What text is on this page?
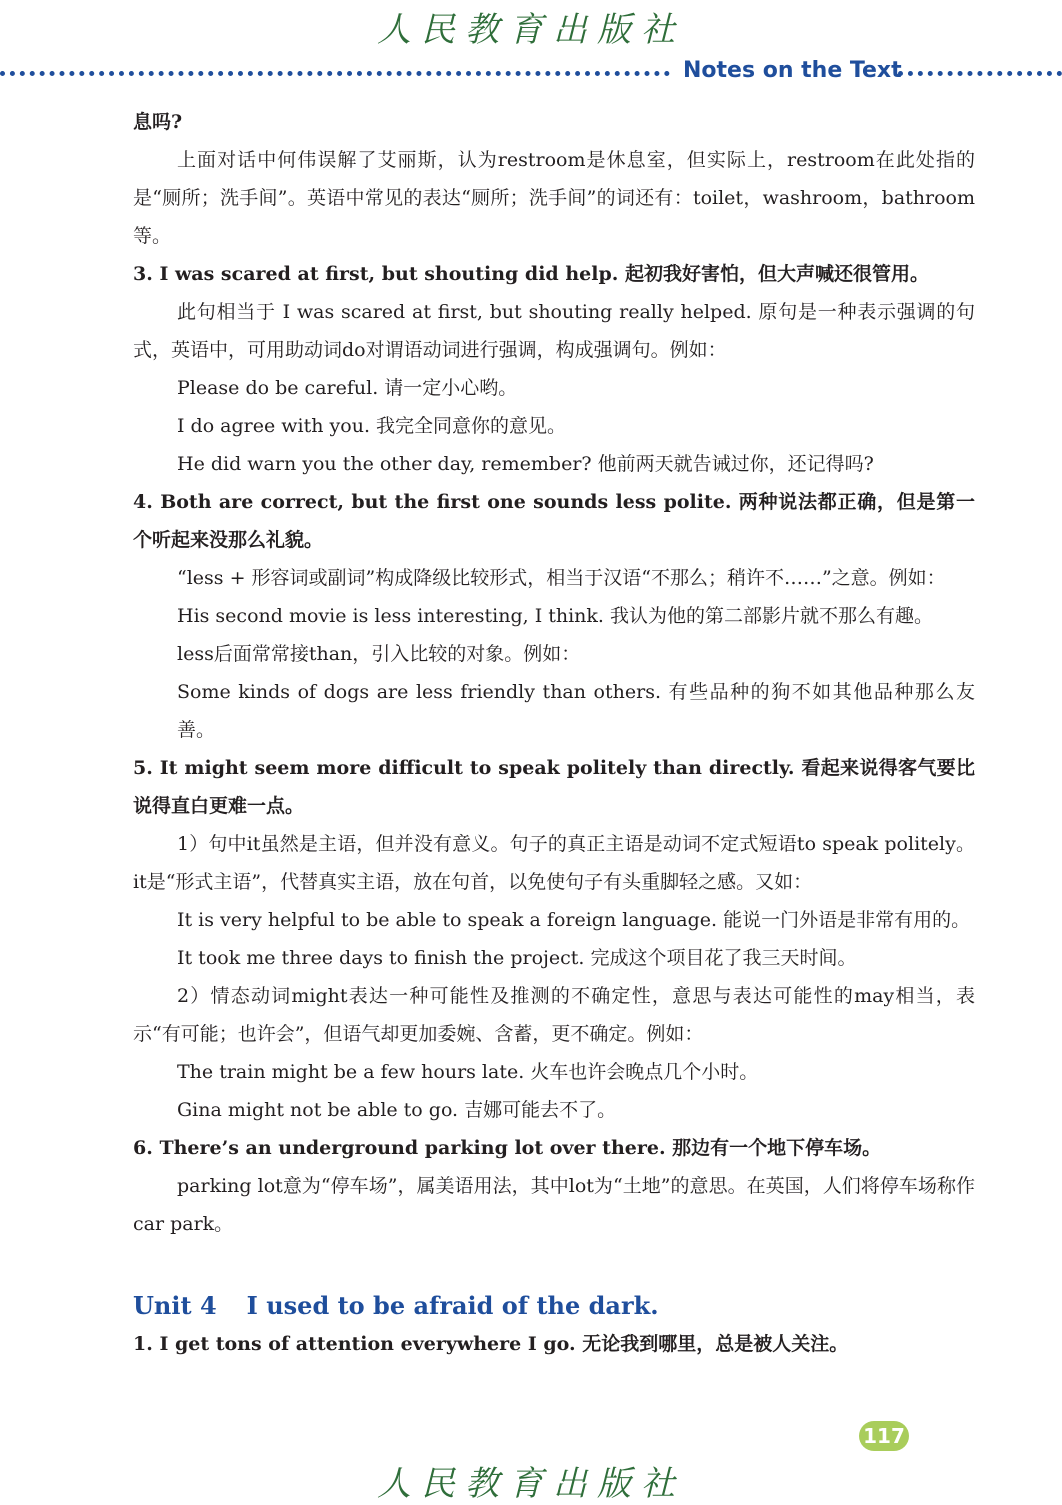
人民教育出版社
Notes on the Text

息吗?

上面对话中何伟误解了艾丽斯，认为restroom是休息室，但实际上，restroom在此处指的是“厕所；洗手间”。英语中常见的表达“厕所；洗手间”的词还有：toilet，washroom，bathroom等。

3. I was scared at first, but shouting did help. 起初我好害怕，但大声喊还很管用。

此句相当于 I was scared at first, but shouting really helped. 原句是一种表示强调的句式，英语中，可用助动词do对谓语动词进行强调，构成强调句。例如：

Please do be careful. 请一定小心哟。

I do agree with you. 我完全同意你的意见。

He did warn you the other day, remember? 他前两天就告诫过你，还记得吗?

4. Both are correct, but the first one sounds less polite. 两种说法都正确，但是第一个听起来没那么礼貌。

“less + 形容词或副词”构成降级比较形式，相当于汉语“不那么；稍许不……”之意。例如：

His second movie is less interesting, I think. 我认为他的第二部影片就不那么有趣。

less后面常常接than，引入比较的对象。例如：

Some kinds of dogs are less friendly than others. 有些品种的狗不如其他品种那么友善。

5. It might seem more difficult to speak politely than directly. 看起来说得客气要比说得直白更难一点。

1）句中it虽然是主语，但并没有意义。句子的真正主语是动词不定式短语to speak politely。it是“形式主语”，代替真实主语，放在句首，以免使句子有头重脚轻之感。又如：

It is very helpful to be able to speak a foreign language. 能说一门外语是非常有用的。

It took me three days to finish the project. 完成这个项目花了我三天时间。

2）情态动词might表达一种可能性及推测的不确定性，意思与表达可能性的may相当，表示“有可能；也许会”，但语气却更加委婉、含蓄，更不确定。例如：

The train might be a few hours late. 火车也许会晚点几个小时。

Gina might not be able to go. 吉娜可能去不了。

6. There’s an underground parking lot over there. 那边有一个地下停车场。

parking lot意为“停车场”，属美语用法，其中lot为“土地”的意思。在英国，人们将停车场称作car park。

Unit 4 I used to be afraid of the dark.

1. I get tons of attention everywhere I go. 无论我到哪里，总是被人关注。

117
人民教育出版社
